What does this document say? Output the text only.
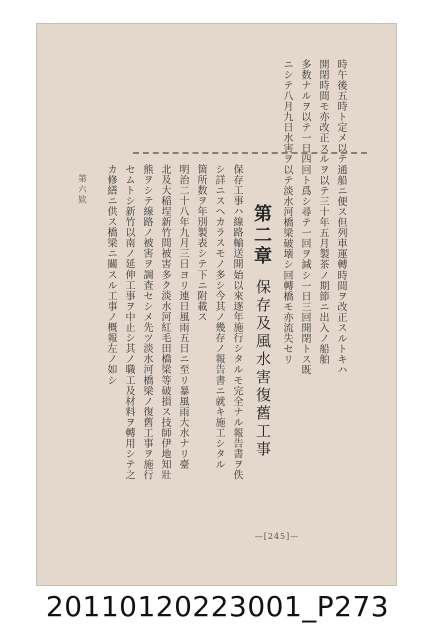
時午後五時ト定メ以テ通船ニ便ス但列車運轉時間ヲ改正スルトキハ
開閉時間モ亦改正スルヲ以テ三十年五月製茶ノ期節ニ出入ノ船舶
多数ナルヲ以テ一日四回ト爲シ尋テ一回ヲ減シ一日三回開閉トス既
ニシテ八月九日水害ヲ以テ淡水河橋梁破壊シ回轉橋モ亦流失セリ
第二章
保存及風水害復舊工事
保存工事ハ線路輸送開始以來逐年施行シタルモ完全ナル報告書ヲ佚
シ詳ニスヘカラスモノ多シ今其ノ幾存ノ報告書ニ就キ施工シタル
箇所数ヲ年別製表シテ下ニ附載ス
明治二十八年九月三日ヨリ連日風雨五日ニ至リ暴風雨大水ナリ臺
北及大稲埕新竹間被害多ク淡水河紅毛田橋梁等破損ス技師伊地知壯
熊ヲシテ線路ノ被害ヲ調査セシメ先ツ淡水河橋梁ノ復舊工事ヲ施行
セムトシ新竹以南ノ延伸工事ヲ中止シ其ノ職工及材料ヲ轉用シテ之
カ修繕ニ供ス橋梁ニ關スル工事ノ概報左ノ如シ
第六欵
—[245]—
20110120223001_P273
